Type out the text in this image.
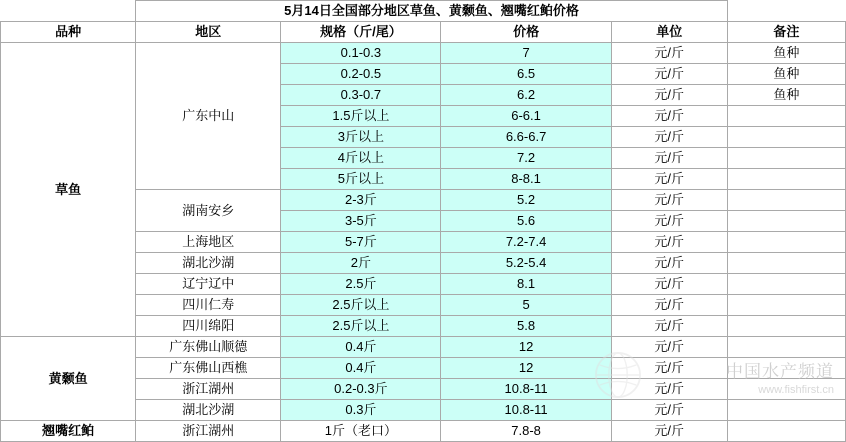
	5月14日全国部分地区草鱼、黄颡鱼、翘嘴红鲌价格				
品种	地区	规格（斤/尾）	价格	单位	备注
草鱼	广东中山	0.1-0.3	7	元/斤	鱼种
		0.2-0.5	6.5	元/斤	鱼种
		0.3-0.7	6.2	元/斤	鱼种
		1.5斤以上	6-6.1	元/斤	
		3斤以上	6.6-6.7	元/斤	
		4斤以上	7.2	元/斤	
		5斤以上	8-8.1	元/斤	
	湖南安乡	2-3斤	5.2	元/斤	
		3-5斤	5.6	元/斤	
	上海地区	5-7斤	7.2-7.4	元/斤	
	湖北沙湖	2斤	5.2-5.4	元/斤	
	辽宁辽中	2.5斤	8.1	元/斤	
	四川仁寿	2.5斤以上	5	元/斤	
	四川绵阳	2.5斤以上	5.8	元/斤	
黄颡鱼	广东佛山顺德	0.4斤	12	元/斤	
	广东佛山西樵	0.4斤	12	元/斤	
	浙江湖州	0.2-0.3斤	10.8-11	元/斤	
	湖北沙湖	0.3斤	10.8-11	元/斤	
翘嘴红鲌	浙江湖州	1斤（老口）	7.8-8	元/斤	
中国水产频道
www.fishfirst.cn
